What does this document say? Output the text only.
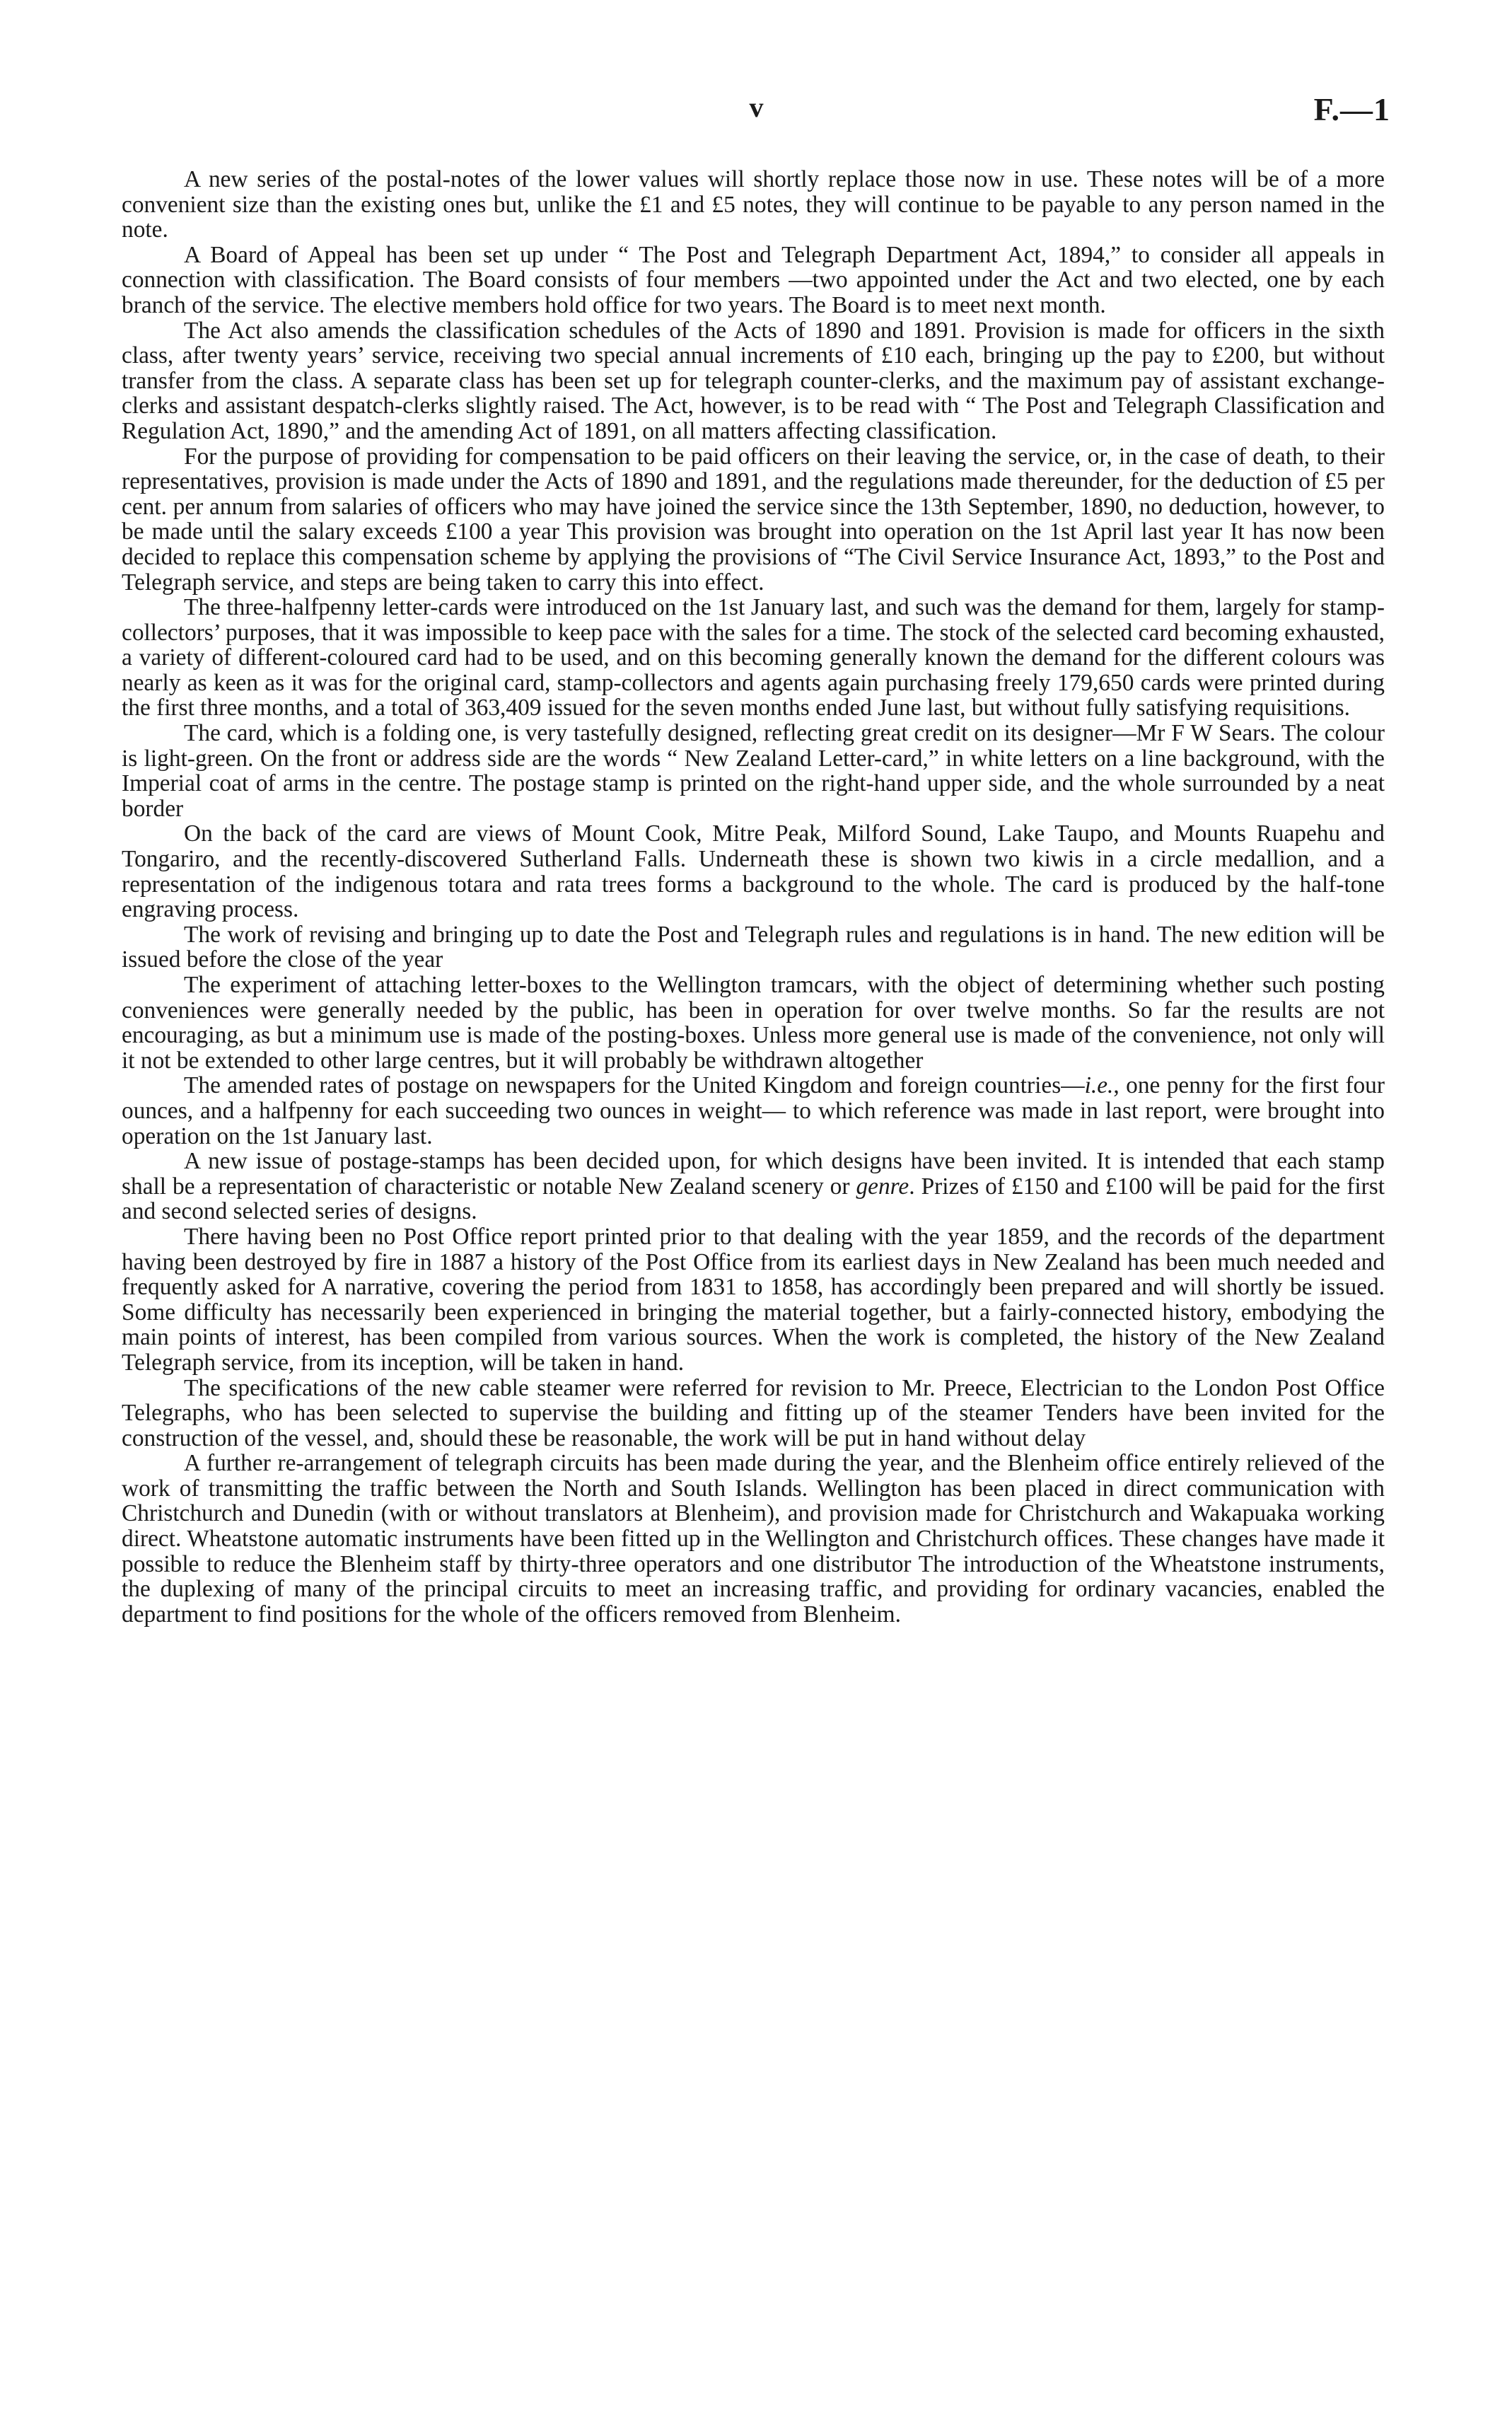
v	F.—1

A new series of the postal-notes of the lower values will shortly replace those now in use. These notes will be of a more convenient size than the existing ones but, unlike the £1 and £5 notes, they will continue to be payable to any person named in the note.

A Board of Appeal has been set up under “ The Post and Telegraph Department Act, 1894,” to consider all appeals in connection with classification. The Board consists of four members —two appointed under the Act and two elected, one by each branch of the service. The elective members hold office for two years. The Board is to meet next month.

The Act also amends the classification schedules of the Acts of 1890 and 1891. Provision is made for officers in the sixth class, after twenty years’ service, receiving two special annual increments of £10 each, bringing up the pay to £200, but without transfer from the class. A separate class has been set up for telegraph counter-clerks, and the maximum pay of assistant exchange-clerks and assistant despatch-clerks slightly raised. The Act, however, is to be read with “ The Post and Telegraph Classification and Regulation Act, 1890,” and the amending Act of 1891, on all matters affecting classification.

For the purpose of providing for compensation to be paid officers on their leaving the service, or, in the case of death, to their representatives, provision is made under the Acts of 1890 and 1891, and the regulations made thereunder, for the deduction of £5 per cent. per annum from salaries of officers who may have joined the service since the 13th September, 1890, no deduction, however, to be made until the salary exceeds £100 a year This provision was brought into operation on the 1st April last year It has now been decided to replace this compensation scheme by applying the provisions of “The Civil Service Insurance Act, 1893,” to the Post and Telegraph service, and steps are being taken to carry this into effect.

The three-halfpenny letter-cards were introduced on the 1st January last, and such was the demand for them, largely for stamp-collectors’ purposes, that it was impossible to keep pace with the sales for a time. The stock of the selected card becoming exhausted, a variety of different-coloured card had to be used, and on this becoming generally known the demand for the different colours was nearly as keen as it was for the original card, stamp-collectors and agents again purchasing freely 179,650 cards were printed during the first three months, and a total of 363,409 issued for the seven months ended June last, but without fully satisfying requisitions.

The card, which is a folding one, is very tastefully designed, reflecting great credit on its designer—Mr F W Sears. The colour is light-green. On the front or address side are the words “ New Zealand Letter-card,” in white letters on a line background, with the Imperial coat of arms in the centre. The postage stamp is printed on the right-hand upper side, and the whole surrounded by a neat border

On the back of the card are views of Mount Cook, Mitre Peak, Milford Sound, Lake Taupo, and Mounts Ruapehu and Tongariro, and the recently-discovered Sutherland Falls. Underneath these is shown two kiwis in a circle medallion, and a representation of the indigenous totara and rata trees forms a background to the whole. The card is produced by the half-tone engraving process.

The work of revising and bringing up to date the Post and Telegraph rules and regulations is in hand. The new edition will be issued before the close of the year

The experiment of attaching letter-boxes to the Wellington tramcars, with the object of determining whether such posting conveniences were generally needed by the public, has been in operation for over twelve months. So far the results are not encouraging, as but a minimum use is made of the posting-boxes. Unless more general use is made of the convenience, not only will it not be extended to other large centres, but it will probably be withdrawn altogether

The amended rates of postage on newspapers for the United Kingdom and foreign countries—i.e., one penny for the first four ounces, and a halfpenny for each succeeding two ounces in weight— to which reference was made in last report, were brought into operation on the 1st January last.

A new issue of postage-stamps has been decided upon, for which designs have been invited. It is intended that each stamp shall be a representation of characteristic or notable New Zealand scenery or genre. Prizes of £150 and £100 will be paid for the first and second selected series of designs.

There having been no Post Office report printed prior to that dealing with the year 1859, and the records of the department having been destroyed by fire in 1887 a history of the Post Office from its earliest days in New Zealand has been much needed and frequently asked for A narrative, covering the period from 1831 to 1858, has accordingly been prepared and will shortly be issued. Some difficulty has necessarily been experienced in bringing the material together, but a fairly-connected history, embodying the main points of interest, has been compiled from various sources. When the work is completed, the history of the New Zealand Telegraph service, from its inception, will be taken in hand.

The specifications of the new cable steamer were referred for revision to Mr. Preece, Electrician to the London Post Office Telegraphs, who has been selected to supervise the building and fitting up of the steamer Tenders have been invited for the construction of the vessel, and, should these be reasonable, the work will be put in hand without delay

A further re-arrangement of telegraph circuits has been made during the year, and the Blenheim office entirely relieved of the work of transmitting the traffic between the North and South Islands. Wellington has been placed in direct communication with Christchurch and Dunedin (with or without translators at Blenheim), and provision made for Christchurch and Wakapuaka working direct. Wheatstone automatic instruments have been fitted up in the Wellington and Christchurch offices. These changes have made it possible to reduce the Blenheim staff by thirty-three operators and one distributor The introduction of the Wheatstone instruments, the duplexing of many of the principal circuits to meet an increasing traffic, and providing for ordinary vacancies, enabled the department to find positions for the whole of the officers removed from Blenheim.
